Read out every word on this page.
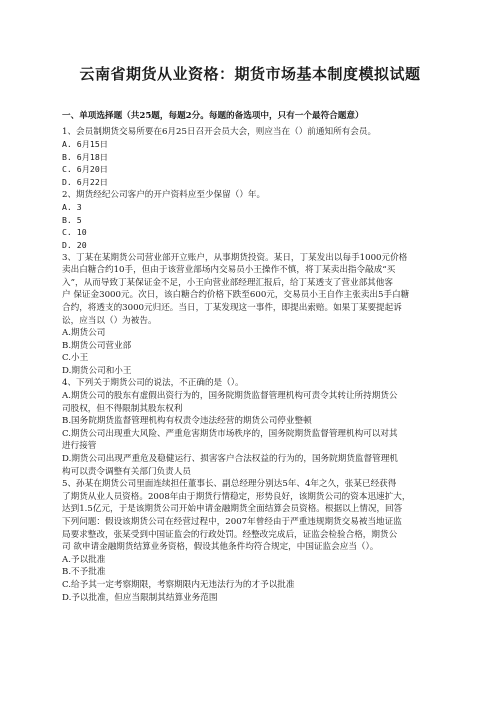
云南省期货从业资格：期货市场基本制度模拟试题
一、单项选择题（共25题，每题2分。每题的备选项中，只有一个最符合题意）

1、会员制期货交易所要在6月25日召开会员大会，则应当在（）前通知所有会员。

A. 6月15日

B. 6月18日

C. 6月20日

D. 6月22日

2、期货经纪公司客户的开户资料应至少保留（）年。

A. 3

B. 5

C. 10

D. 20

3、丁某在某期货公司营业部开立账户，从事期货投资。某日，丁某发出以每手1000元价格

卖出白糖合约10手，但由于该营业部场内交易员小王操作不慎，将丁某卖出指令敲成“买

入”，从而导致丁某保证金不足，小王向营业部经理汇报后，给丁某透支了营业部其他客

户 保证金3000元。次日，该白糖合约价格下跌至600元，交易员小王自作主张卖出5手白糖

合约，将透支的3000元归还。当日，丁某发现这一事件，即提出索赔。如果丁某要提起诉

讼，应当以（）为被告。

A.期货公司

B.期货公司营业部

C.小王

D.期货公司和小王

4、下列关于期货公司的说法，不正确的是（）。

A.期货公司的股东有虚假出资行为的，国务院期货监督管理机构可责令其转让所持期货公

司股权，但不得限制其股东权利

B.国务院期货监督管理机构有权责令违法经营的期货公司停业整顿

C.期货公司出现重大风险、严重危害期货市场秩序的，国务院期货监督管理机构可以对其

进行接管

D.期货公司出现严重危及稳健运行、损害客户合法权益的行为的，国务院期货监督管理机

构可以责令调整有关部门负责人员

5、孙某在期货公司里面连续担任董事长、副总经理分别达5年、4年之久，张某已经获得

了期货从业人员资格。2008年由于期货行情稳定，形势良好，该期货公司的资本迅速扩大，

达到1.5亿元，于是该期货公司开始申请金融期货全面结算会员资格。根据以上情况，回答

下列问题：假设该期货公司在经营过程中，2007年曾经由于严重违规期货交易被当地证监

局要求整改，张某受到中国证监会的行政处罚。经整改完成后，证监会检验合格，期货公

司 欲申请金融期货结算业务资格，假设其他条件均符合规定，中国证监会应当（）。

A.予以批准

B.不予批准

C.给予其一定考察期限，考察期限内无违法行为的才予以批准

D.予以批准，但应当限制其结算业务范围
